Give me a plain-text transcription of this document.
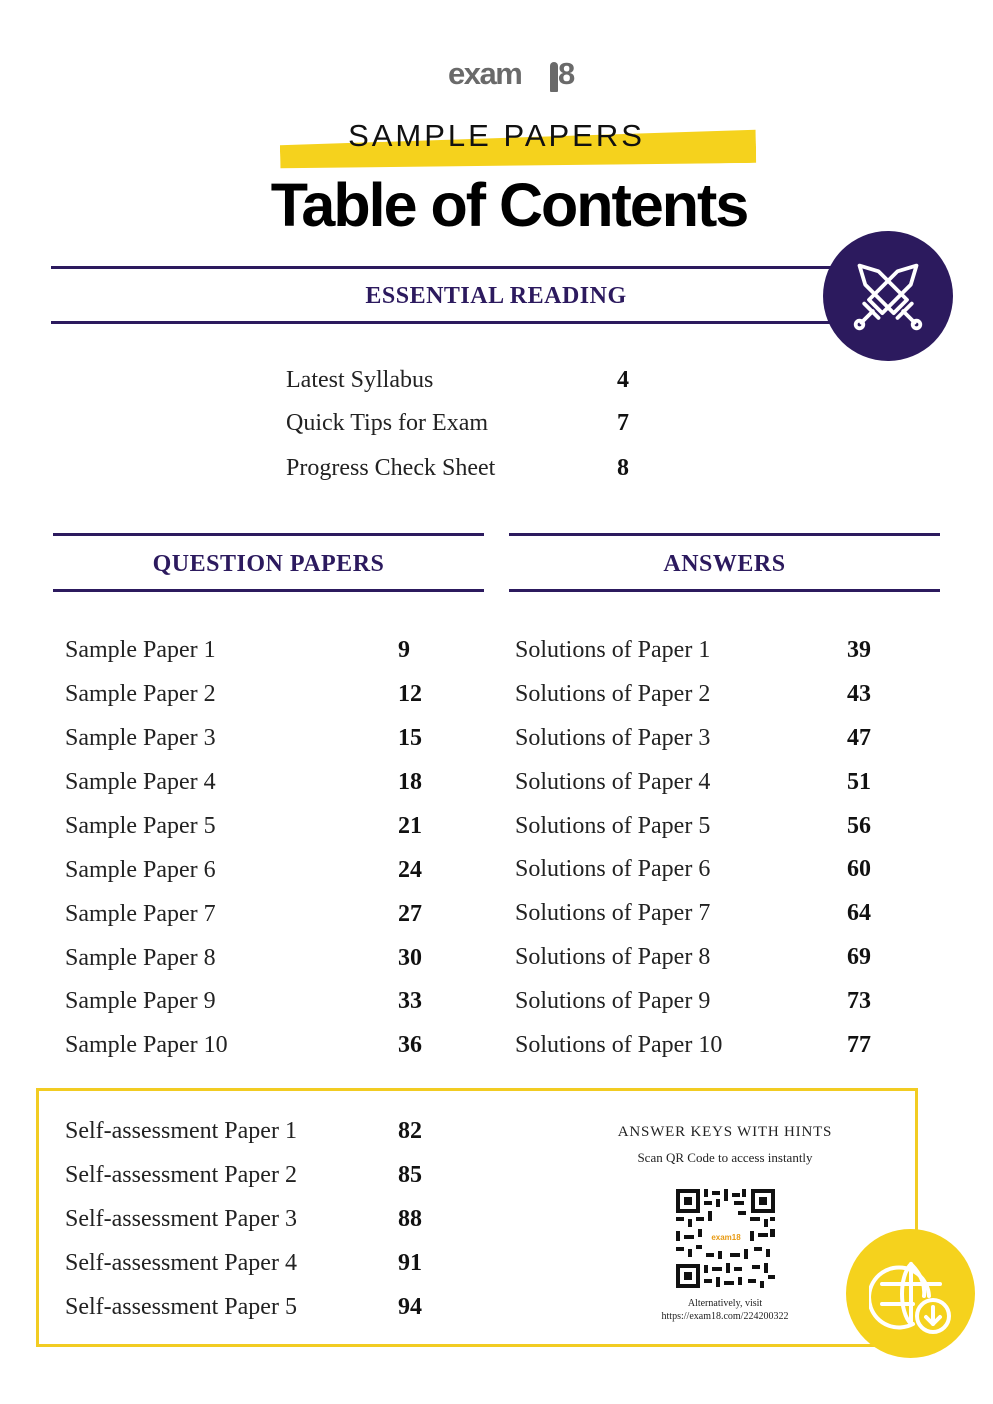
exam 8
SAMPLE PAPERS
Table of Contents
ESSENTIAL READING
Latest Syllabus	4
Quick Tips for Exam	7
Progress Check Sheet	8
QUESTION PAPERS	ANSWERS
Sample Paper 1	9
Sample Paper 2	12
Sample Paper 3	15
Sample Paper 4	18
Sample Paper 5	21
Sample Paper 6	24
Sample Paper 7	27
Sample Paper 8	30
Sample Paper 9	33
Sample Paper 10	36
Solutions of Paper 1	39
Solutions of Paper 2	43
Solutions of Paper 3	47
Solutions of Paper 4	51
Solutions of Paper 5	56
Solutions of Paper 6	60
Solutions of Paper 7	64
Solutions of Paper 8	69
Solutions of Paper 9	73
Solutions of Paper 10	77
Self-assessment Paper 1	82
Self-assessment Paper 2	85
Self-assessment Paper 3	88
Self-assessment Paper 4	91
Self-assessment Paper 5	94
ANSWER KEYS WITH HINTS
Scan QR Code to access instantly
exam18
Alternatively, visit
https://exam18.com/224200322
